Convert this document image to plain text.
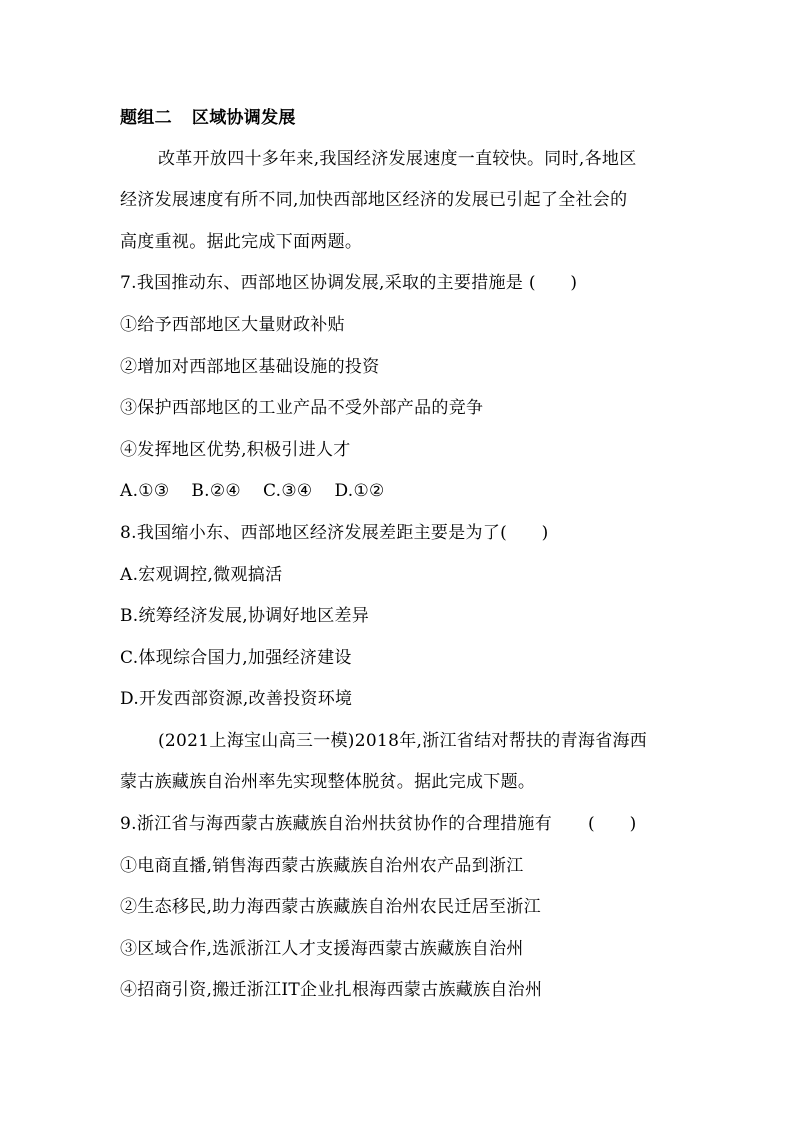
题组二 区域协调发展
改革开放四十多年来,我国经济发展速度一直较快。同时,各地区
经济发展速度有所不同,加快西部地区经济的发展已引起了全社会的
高度重视。据此完成下面两题。
7.我国推动东、西部地区协调发展,采取的主要措施是 (　　)
①给予西部地区大量财政补贴
②增加对西部地区基础设施的投资
③保护西部地区的工业产品不受外部产品的竞争
④发挥地区优势,积极引进人才
A.①③ B.②④ C.③④ D.①②
8.我国缩小东、西部地区经济发展差距主要是为了(　　)
A.宏观调控,微观搞活
B.统筹经济发展,协调好地区差异
C.体现综合国力,加强经济建设
D.开发西部资源,改善投资环境
(2021上海宝山高三一模)2018年,浙江省结对帮扶的青海省海西
蒙古族藏族自治州率先实现整体脱贫。据此完成下题。
9.浙江省与海西蒙古族藏族自治州扶贫协作的合理措施有 (　　)
①电商直播,销售海西蒙古族藏族自治州农产品到浙江
②生态移民,助力海西蒙古族藏族自治州农民迁居至浙江
③区域合作,选派浙江人才支援海西蒙古族藏族自治州
④招商引资,搬迁浙江IT企业扎根海西蒙古族藏族自治州
